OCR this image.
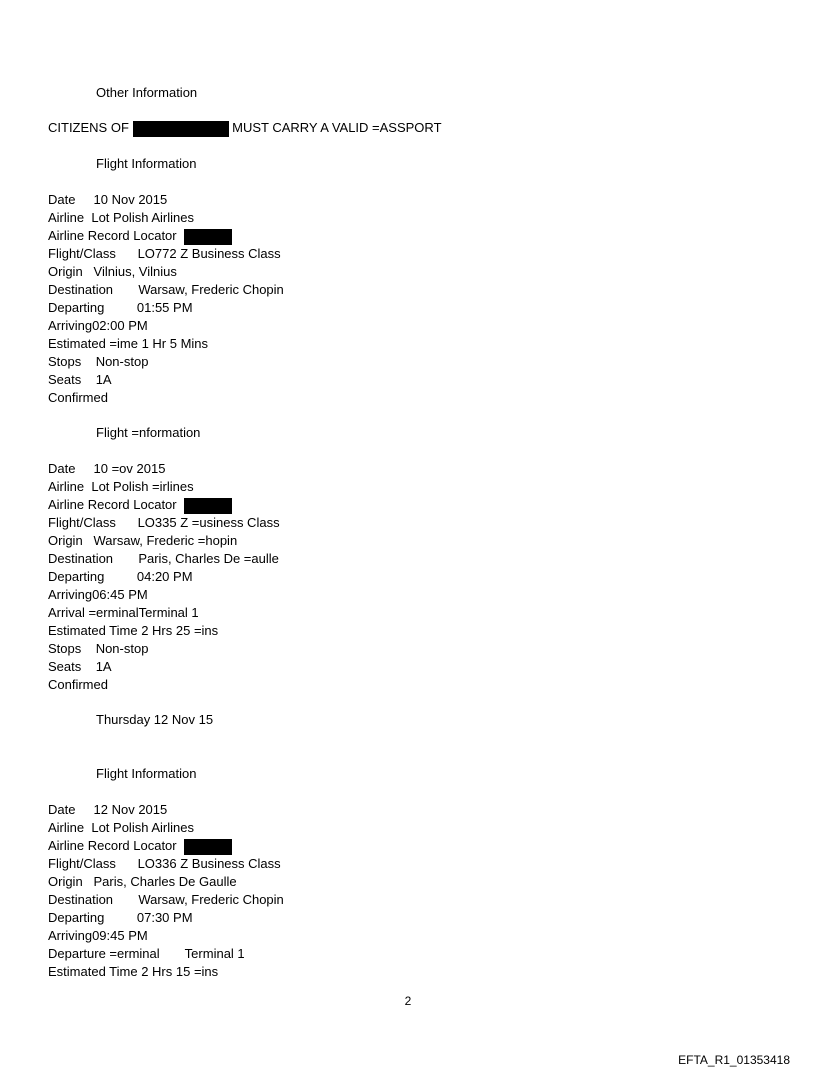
Other Information
CITIZENS OF	MUST CARRY A VALID =ASSPORT
Flight Information
Date     10 Nov 2015
Airline  Lot Polish Airlines
Airline Record Locator
Flight/Class      LO772 Z Business Class
Origin   Vilnius, Vilnius
Destination       Warsaw, Frederic Chopin
Departing         01:55 PM
Arriving02:00 PM
Estimated =ime 1 Hr 5 Mins
Stops    Non-stop
Seats    1A
Confirmed
Flight =nformation
Date     10 =ov 2015
Airline  Lot Polish =irlines
Airline Record Locator
Flight/Class      LO335 Z =usiness Class
Origin   Warsaw, Frederic =hopin
Destination       Paris, Charles De =aulle
Departing         04:20 PM
Arriving06:45 PM
Arrival =erminalTerminal 1
Estimated Time 2 Hrs 25 =ins
Stops    Non-stop
Seats    1A
Confirmed
Thursday 12 Nov 15
Flight Information
Date     12 Nov 2015
Airline  Lot Polish Airlines
Airline Record Locator
Flight/Class      LO336 Z Business Class
Origin   Paris, Charles De Gaulle
Destination       Warsaw, Frederic Chopin
Departing         07:30 PM
Arriving09:45 PM
Departure =erminal       Terminal 1
Estimated Time 2 Hrs 15 =ins
2
EFTA_R1_01353418
